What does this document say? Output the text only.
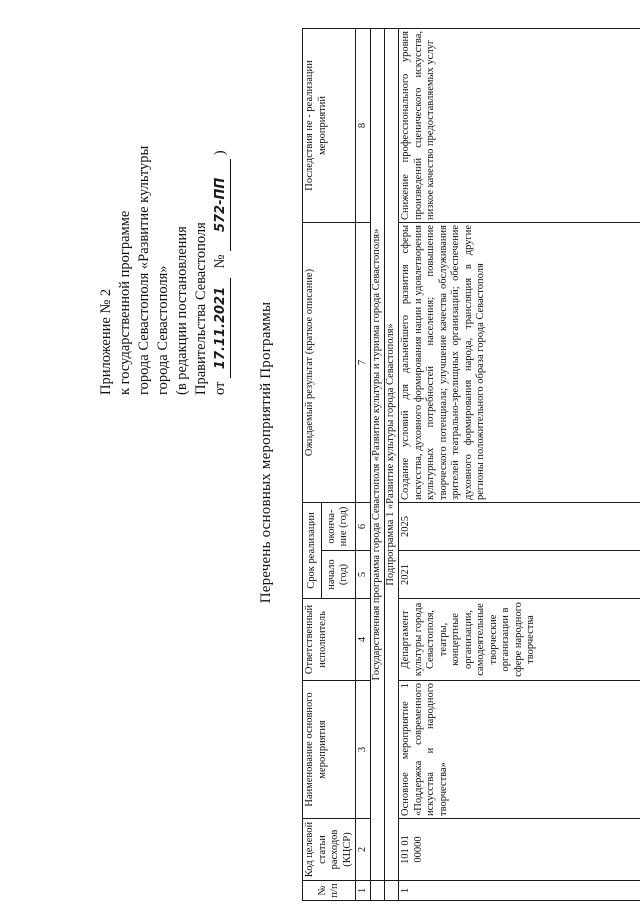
Приложение № 2 к государственной программе города Севастополя «Развитие культуры города Севастополя» (в редакции постановления Правительства Севастополя от 17.11.2021 № 572-ПП )
Перечень основных мероприятий Программы
№ п/п	Код целевой статьи расходов (КЦСР)	Наименование основного мероприятия	Ответственный исполнитель	Срок реализации		Ожидаемый результат (краткое описание)	Последствия не - реализации мероприятий
				начало (год)	оконча-ние (год)		
1	2	3	4	5	6	7	8
	Государственная программа города Севастополя «Развитие культуры и туризма города Севастополя»						
	Подпрограмма 1 «Развитие культуры города Севастополя»						
1	101 01 00000	Основное мероприятие 1 «Поддержка современного искусства и народного творчества»	Департамент культуры города Севастополя, театры, концертные организации, самодеятельные творческие организации в сфере народного творчества	2021	2025	Создание условий для дальнейшего развития сферы искусства, духовного формирования нации и удовлетворения культурных потребностей населения; повышение творческого потенциала; улучшение качества обслуживания зрителей театрально-зрелищных организаций; обеспечение духовного формирования народа, трансляция в другие регионы положительного образа города Севастополя	Снижение профессионального уровня произведений сценического искусства, низкое качество предоставляемых услуг
